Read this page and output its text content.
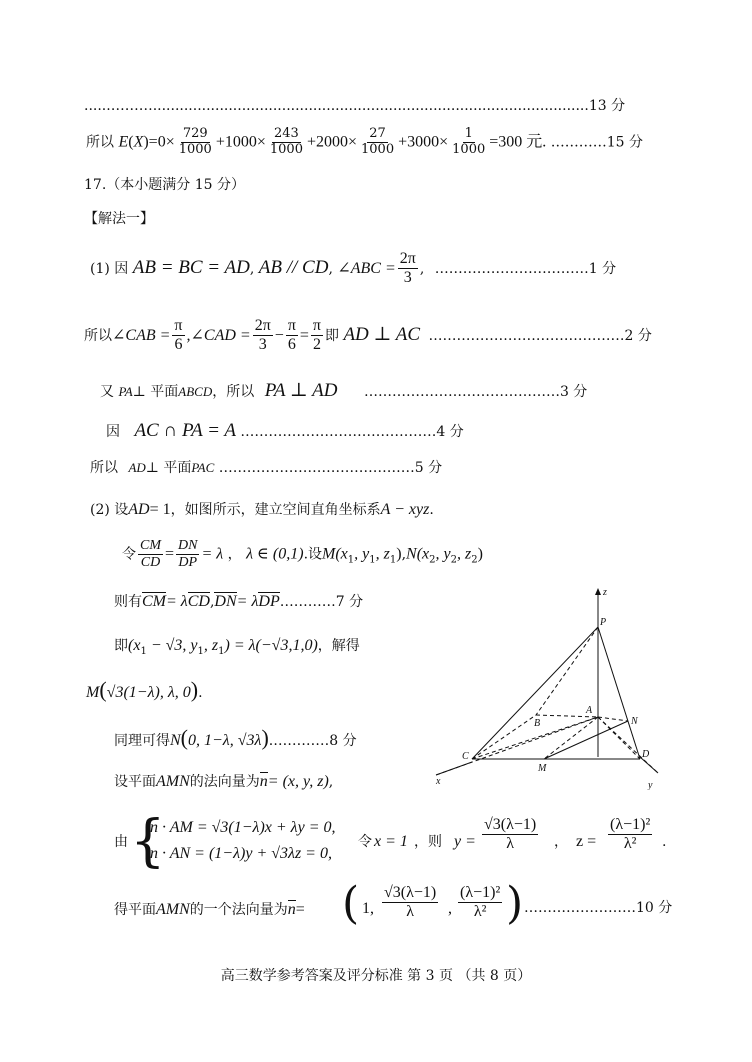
......………..................................................................................................13 分
所以 $E(X)=0\times \frac{729}{1000} +1000\times \frac{243}{1000} +2000\times \frac{27}{1000} +3000\times \frac{1}{1000} =300$ 元. …………15 分
17.（本小题满分 15 分）
【解法一】
(1) 因 AB = BC = AD, AB // CD, ∠ABC = $\frac{2\pi}{3}$ , ……………………………1 分
所以∠CAB = $\frac{\pi}{6}$ ,∠CAD = $\frac{2\pi}{3} - \frac{\pi}{6} = \frac{\pi}{2}$ 即 AD ⊥ AC ……………………………………2 分
又 PA⊥ 平面ABCD，所以 PA ⊥ AD ……………………………………3 分
因 AC ∩ PA = A ……………………………………4 分
所以 AD⊥ 平面PAC ……………………………………5 分
(2) 设AD= 1，如图所示，建立空间直角坐标系A − xyz.
令 $\frac{CM}{CD} = \frac{DN}{DP} = \lambda$ ， λ ∈ (0,1).设$M(x_1$, $y_1$, $z_1),N(x_2$, $y_2$, $z_2$)
则有CM= λCD,DN= λDP…………7 分
即($x_1 - √3$, $y_1$, $z_1) = \lambda(-√3,1,0)$，解得
M(√3(1−λ), λ, 0).
同理可得N(0, 1−λ, √3λ).…………8 分
设平面AMN的法向量为n= (x, y, z),
由 {
n · AM = √3(1−λ)x + λy = 0,
n · AN = (1−λ)y + √3λz = 0,
令 x = 1 ，则 $y = \frac{√3(\lambda-1)}{\lambda}$ ， $z = \frac{\text{(λ−1)²}}{\text{λ²}}$ .
得平面AMN的一个法向量为n= ( 1, $\frac{√3(\lambda-1)}{\lambda}$ , $\frac{\text{(λ−1)²}}{\text{λ²}}$ ) ……………………10 分
高三数学参考答案及评分标准 第 3 页 （共 8 页）
z
P
A
B	N
C	D
M
x	y
